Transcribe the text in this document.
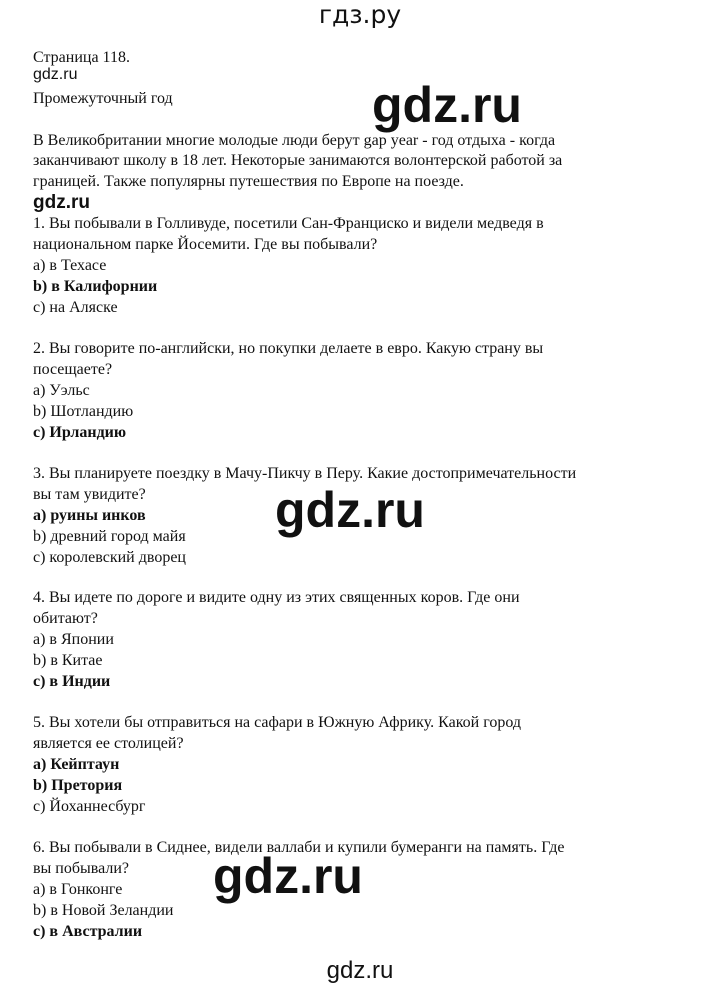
гдз.ру
Страница 118.
gdz.ru
Промежуточный год	gdz.ru
В Великобритании многие молодые люди берут gap year - год отдыха - когда
заканчивают школу в 18 лет. Некоторые занимаются волонтерской работой за
границей. Также популярны путешествия по Европе на поезде.
gdz.ru
1. Вы побывали в Голливуде, посетили Сан-Франциско и видели медведя в
национальном парке Йосемити. Где вы побывали?
a) в Техасе
b) в Калифорнии
c) на Аляске
2. Вы говорите по-английски, но покупки делаете в евро. Какую страну вы
посещаете?
a) Уэльс
b) Шотландию
c) Ирландию
3. Вы планируете поездку в Мачу-Пикчу в Перу. Какие достопримечательности
вы там увидите?
a) руины инков
b) древний город майя
c) королевский дворец
gdz.ru
4. Вы идете по дороге и видите одну из этих священных коров. Где они
обитают?
a) в Японии
b) в Китае
c) в Индии
5. Вы хотели бы отправиться на сафари в Южную Африку. Какой город
является ее столицей?
a) Кейптаун
b) Претория
c) Йоханнесбург
6. Вы побывали в Сиднее, видели валлаби и купили бумеранги на память. Где
вы побывали?
a) в Гонконге
b) в Новой Зеландии
c) в Австралии
gdz.ru
gdz.ru
